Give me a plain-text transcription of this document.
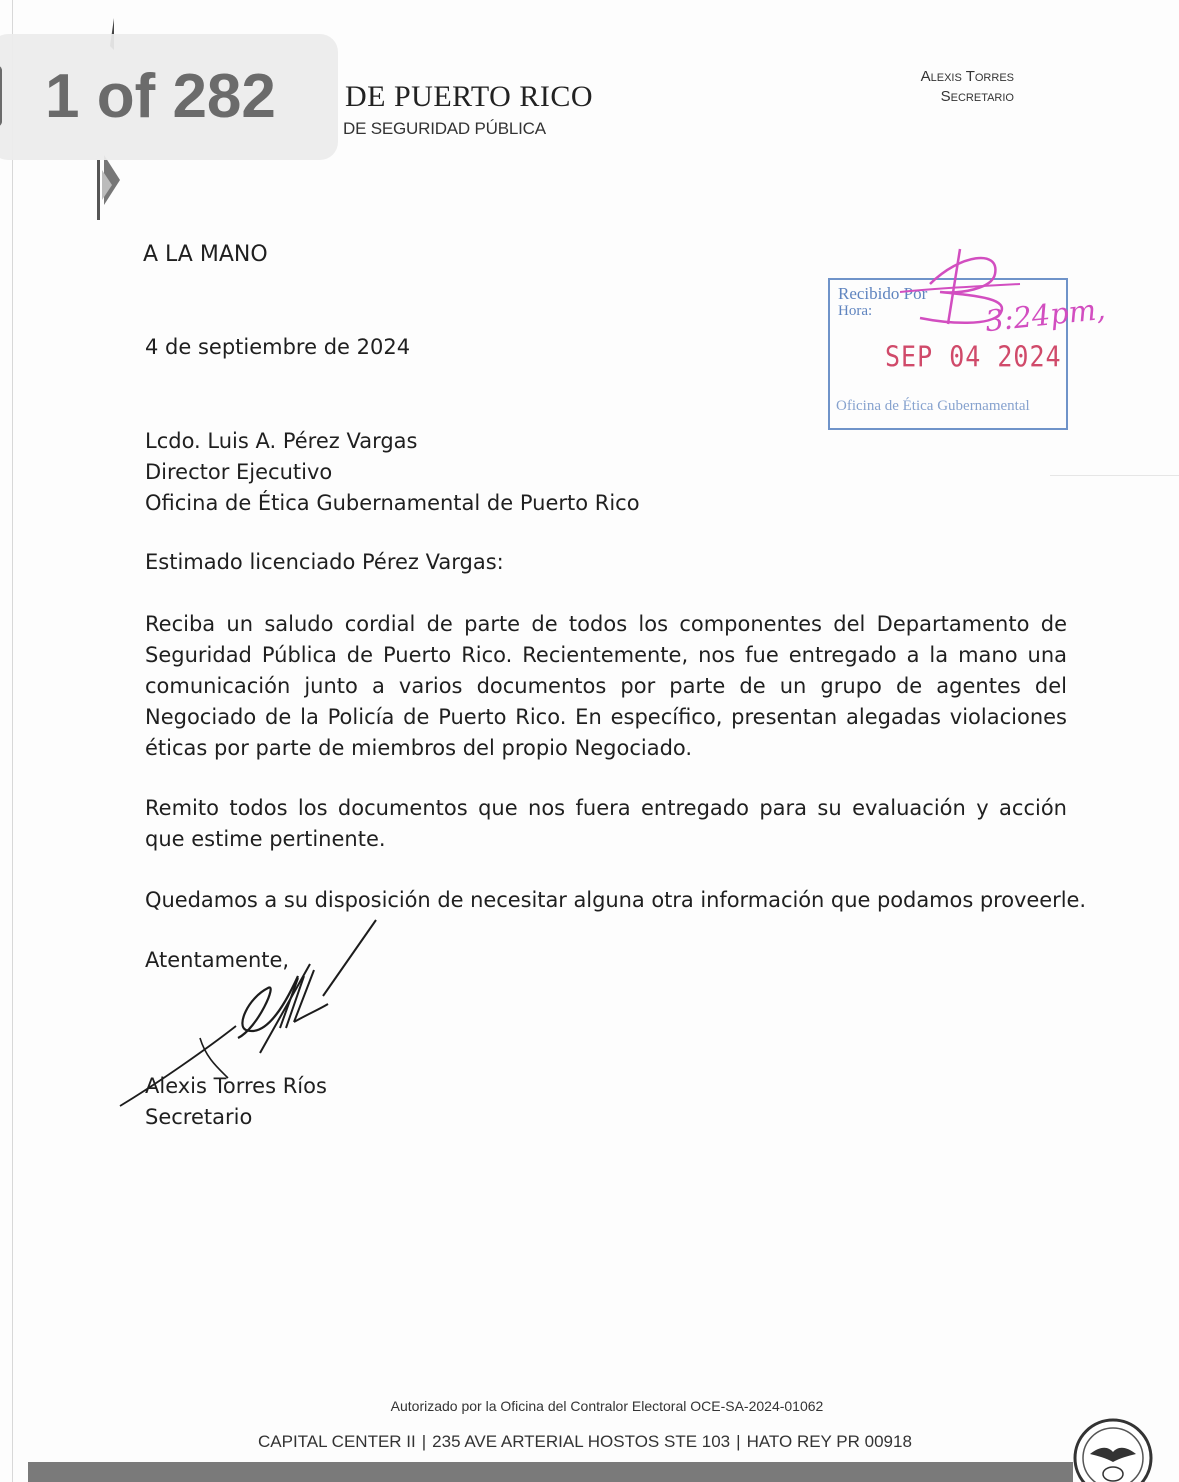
DE PUERTO RICO
DE SEGURIDAD PÚBLICA
Alexis Torres
Secretario
A LA MANO
4 de septiembre de 2024
Lcdo. Luis A. Pérez Vargas
Director Ejecutivo
Oficina de Ética Gubernamental de Puerto Rico
Estimado licenciado Pérez Vargas:
Reciba un saludo cordial de parte de todos los componentes del Departamento de Seguridad Pública de Puerto Rico. Recientemente, nos fue entregado a la mano una comunicación junto a varios documentos por parte de un grupo de agentes del Negociado de la Policía de Puerto Rico. En específico, presentan alegadas violaciones éticas por parte de miembros del propio Negociado.
Remito todos los documentos que nos fuera entregado para su evaluación y acción que estime pertinente.
Quedamos a su disposición de necesitar alguna otra información que podamos proveerle.
Atentamente,
Alexis Torres Ríos
Secretario
Recibido Por
Hora:
SEP 04 2024
Oficina de Ética Gubernamental
3:24pm,
Autorizado por la Oficina del Contralor Electoral OCE-SA-2024-01062
CAPITAL CENTER II | 235 AVE ARTERIAL HOSTOS STE 103 | HATO REY PR 00918
1 of 282
